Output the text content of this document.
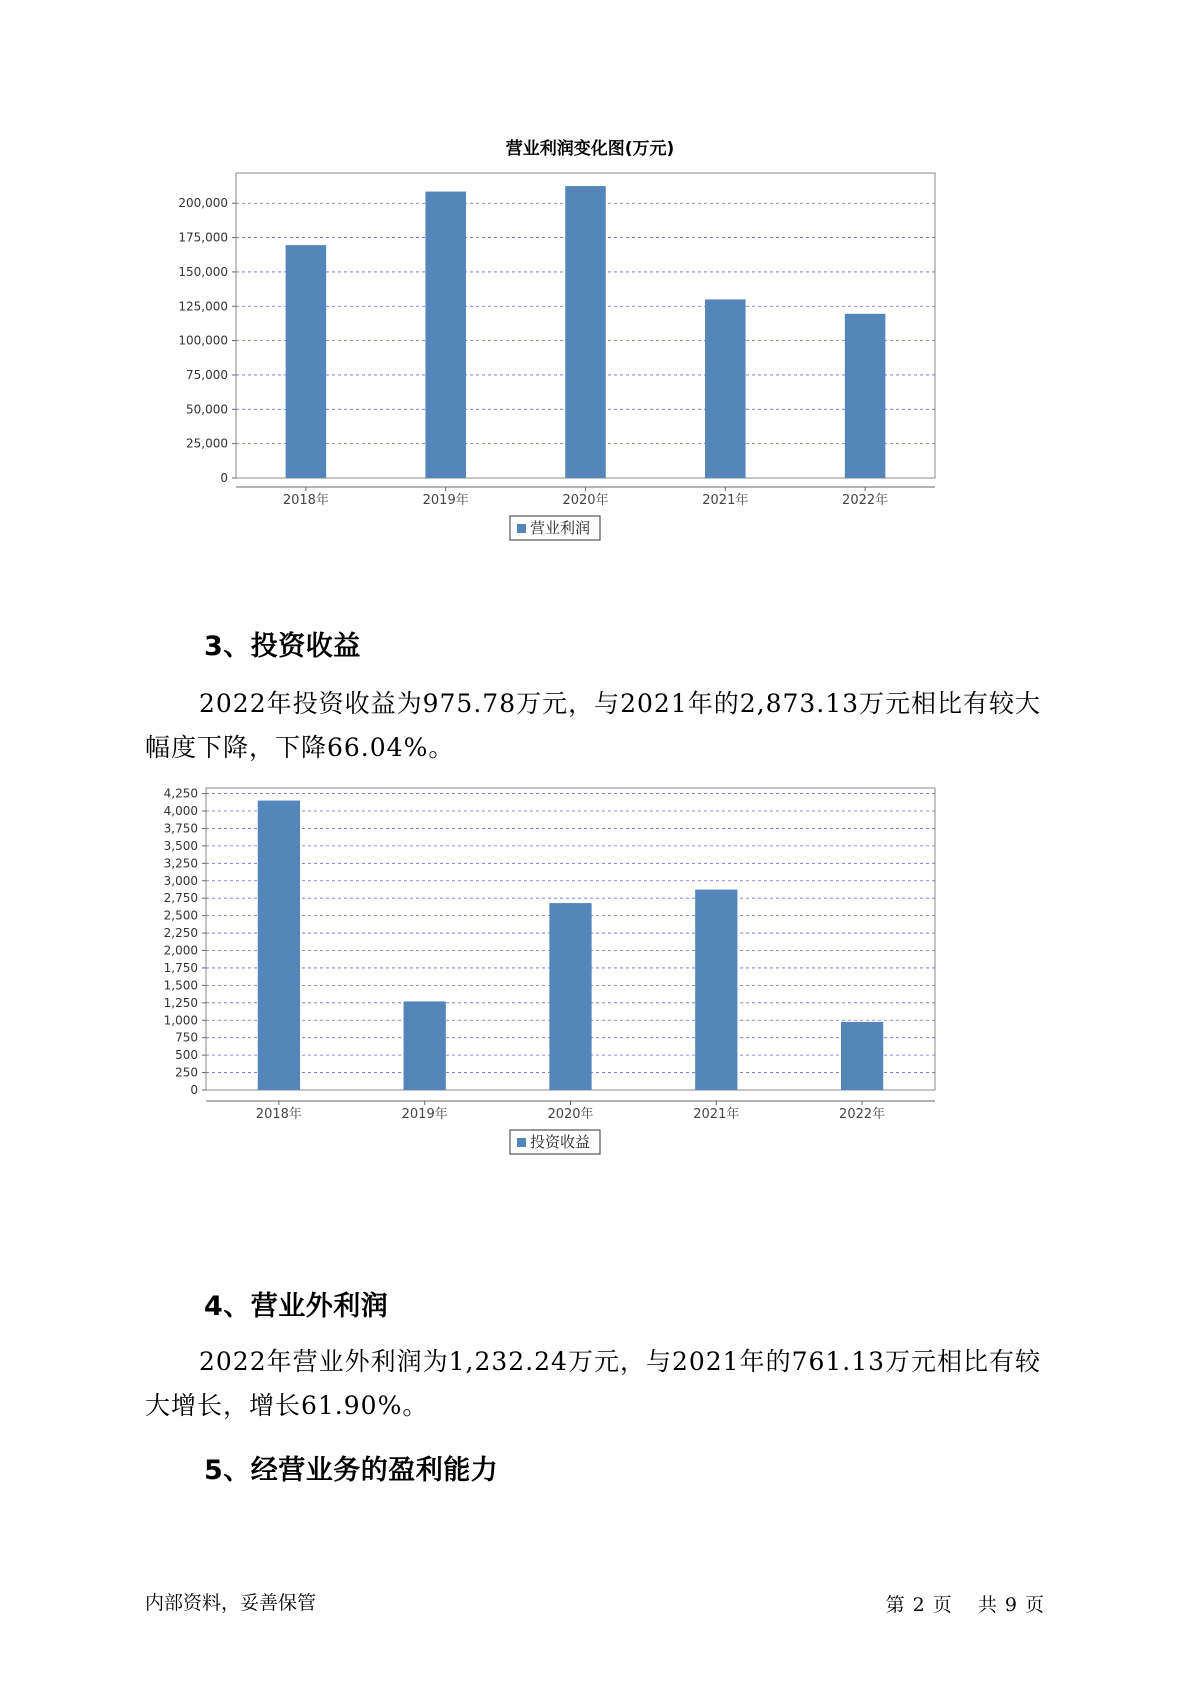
营业利润变化图(万元)
0
25,000
50,000
75,000
100,000
125,000
150,000
175,000
200,000
2018年	2019年	2020年	2021年	2022年
营业利润
3、投资收益

2022年投资收益为975.78万元，与2021年的2,873.13万元相比有较大幅度下降，下降66.04%。

0
250
500
750
1,000
1,250
1,500
1,750
2,000
2,250
2,500
2,750
3,000
3,250
3,500
3,750
4,000
4,250
2018年	2019年	2020年	2021年	2022年
投资收益
4、营业外利润

2022年营业外利润为1,232.24万元，与2021年的761.13万元相比有较大增长，增长61.90%。

5、经营业务的盈利能力
内部资料，妥善保管	第 2 页 共 9 页
